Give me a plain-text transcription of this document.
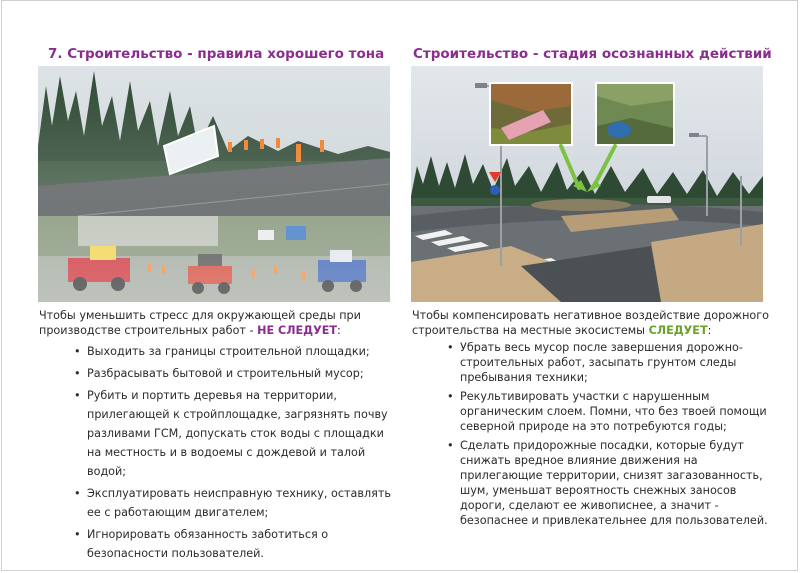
7. Строительство - правила хорошего тона Строительство - стадия осознанных действий
Чтобы уменьшить стресс для окружающей среды при производстве строительных работ - НЕ СЛЕДУЕТ:
Чтобы компенсировать негативное воздействие дорожного строительства на местные экосистемы СЛЕДУЕТ:
• Выходить за границы строительной площадки;
• Разбрасывать бытовой и строительный мусор;
• Рубить и портить деревья на территории, прилегающей к стройплощадке, загрязнять почву разливами ГСМ, допускать сток воды с площадки на местность и в водоемы с дождевой и талой водой;
• Эксплуатировать неисправную технику, оставлять ее с работающим двигателем;
• Игнорировать обязанность заботиться о безопасности пользователей.
• Убрать весь мусор после завершения дорожно-строительных работ, засыпать грунтом следы пребывания техники;
• Рекультивировать участки с нарушенным органическим слоем. Помни, что без твоей помощи северной природе на это потребуются годы;
• Сделать придорожные посадки, которые будут снижать вредное влияние движения на прилегающие территории, снизят загазованность, шум, уменьшат вероятность снежных заносов дороги, сделают ее живописнее, а значит - безопаснее и привлекательнее для пользователей.
